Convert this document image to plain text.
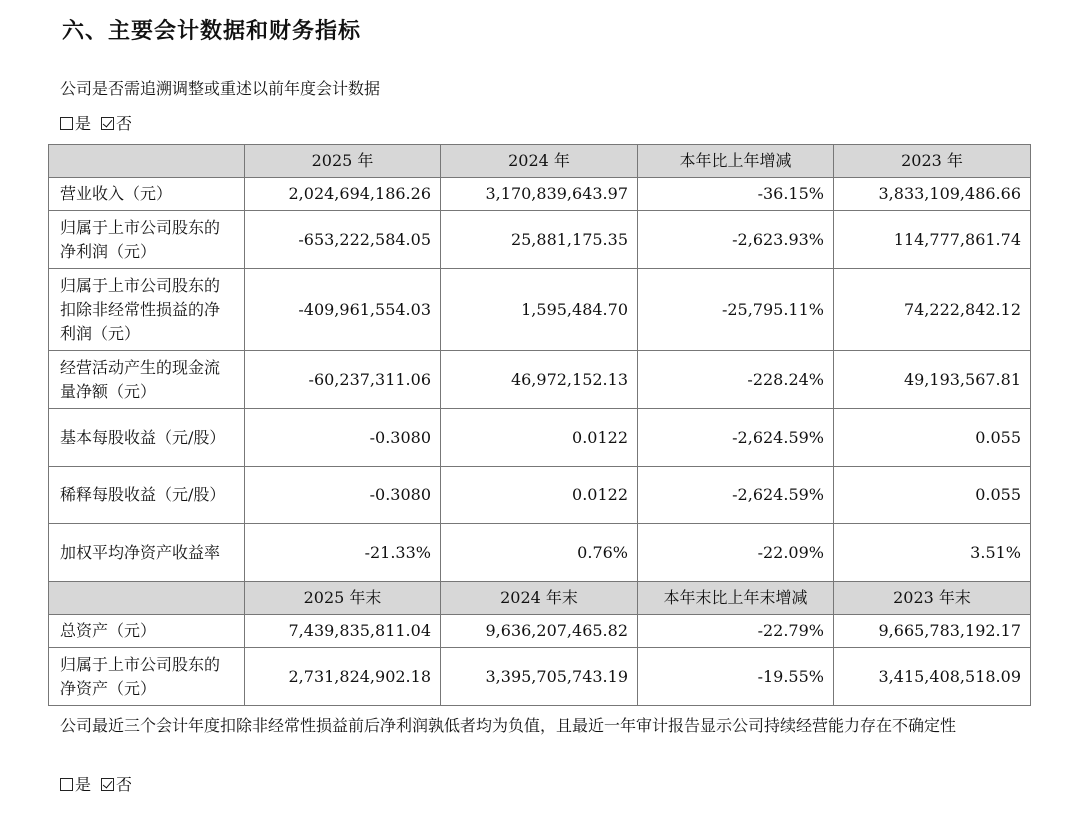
六、主要会计数据和财务指标
公司是否需追溯调整或重述以前年度会计数据
是 否
	2025 年	2024 年	本年比上年增减	2023 年
营业收入（元）	2,024,694,186.26	3,170,839,643.97	-36.15%	3,833,109,486.66
归属于上市公司股东的净利润（元）	-653,222,584.05	25,881,175.35	-2,623.93%	114,777,861.74
归属于上市公司股东的扣除非经常性损益的净利润（元）	-409,961,554.03	1,595,484.70	-25,795.11%	74,222,842.12
经营活动产生的现金流量净额（元）	-60,237,311.06	46,972,152.13	-228.24%	49,193,567.81
基本每股收益（元/股）	-0.3080	0.0122	-2,624.59%	0.055
稀释每股收益（元/股）	-0.3080	0.0122	-2,624.59%	0.055
加权平均净资产收益率	-21.33%	0.76%	-22.09%	3.51%
	2025 年末	2024 年末	本年末比上年末增减	2023 年末
总资产（元）	7,439,835,811.04	9,636,207,465.82	-22.79%	9,665,783,192.17
归属于上市公司股东的净资产（元）	2,731,824,902.18	3,395,705,743.19	-19.55%	3,415,408,518.09
公司最近三个会计年度扣除非经常性损益前后净利润孰低者均为负值，且最近一年审计报告显示公司持续经营能力存在不确定性
是 否
